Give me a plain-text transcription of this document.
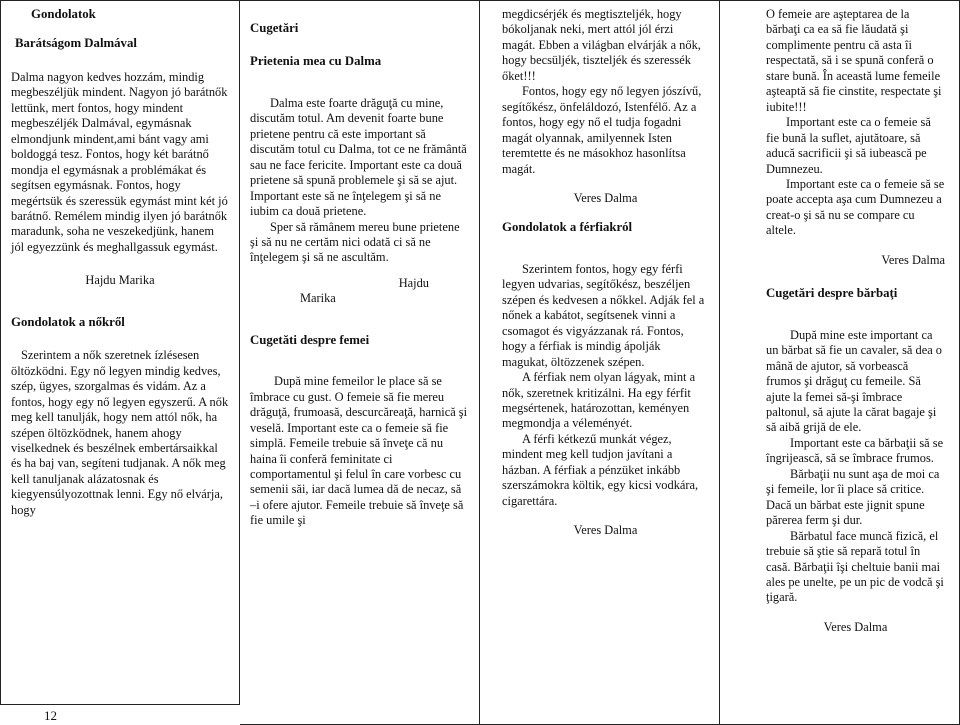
Gondolatok
Barátságom Dalmával

Dalma nagyon kedves hozzám, mindig megbeszéljük mindent. Nagyon jó barátnők lettünk, mert fontos, hogy mindent megbeszéljék Dalmával, egymásnak elmondjunk mindent,ami bánt vagy ami boldoggá tesz. Fontos, hogy két barátnő mondja el egymásnak a problémákat és segítsen egymásnak. Fontos, hogy megértsük és szeressük egymást mint két jó barátnő. Remélem mindig ilyen jó barátnők maradunk, soha ne veszekedjünk, hanem jól egyezzünk és meghallgassuk egymást.

Hajdu Marika
Gondolatok a nőkről

Szerintem a nők szeretnek ízlésesen öltözködni. Egy nő legyen mindig kedves, szép, ügyes, szorgalmas és vidám. Az a fontos, hogy egy nő legyen egyszerű. A nők meg kell tanulják, hogy nem attól nők, ha szépen öltözködnek, hanem ahogy viselkednek és beszélnek embertársaikkal és ha baj van, segíteni tudjanak. A nők meg kell tanuljanak alázatosnak és kiegyensúlyozottnak lenni. Egy nő elvárja, hogy

12
Cugetări
Prietenia mea cu Dalma

Dalma este foarte drăguţă cu mine, discutăm totul. Am devenit foarte bune prietene pentru că este important să discutăm totul cu Dalma, tot ce ne frământă sau ne face fericite. Important este ca două prietene să spună problemele şi să se ajut. Important este să ne înţelegem şi să ne iubim ca două prietene.

Sper să rămânem mereu bune prietene şi să nu ne certăm nici odată ci să ne înţelegem şi să ne ascultăm.

Hajdu
Marika
Cugetăti despre femei

După mine femeilor le place să se îmbrace cu gust. O femeie să fie mereu drăguţă, frumoasă, descurcăreaţă, harnică şi veselă. Important este ca o femeie să fie simplă. Femeile trebuie să înveţe că nu haina îi conferă feminitate ci comportamentul şi felul în care vorbesc cu semenii săi, iar dacă lumea dă de necaz, să –i ofere ajutor. Femeile trebuie să înveţe să fie umile şi

megdicsérjék és megtiszteljék, hogy bókoljanak neki, mert attól jól érzi magát. Ebben a világban elvárják a nők, hogy becsüljék, tiszteljék és szeressék őket!!!

Fontos, hogy egy nő legyen jószívű, segítőkész, önfeláldozó, Istenfélő. Az a fontos, hogy egy nő el tudja fogadni magát olyannak, amilyennek Isten teremtette és ne másokhoz hasonlítsa magát.

Veres Dalma
Gondolatok a férfiakról

Szerintem fontos, hogy egy férfi legyen udvarias, segítőkész, beszéljen szépen és kedvesen a nőkkel. Adják fel a nőnek a kabátot, segítsenek vinni a csomagot és vigyázzanak rá. Fontos, hogy a férfiak is mindig ápolják magukat, öltözzenek szépen.

A férfiak nem olyan lágyak, mint a nők, szeretnek kritizálni. Ha egy férfit megsértenek, határozottan, keményen megmondja a véleményét.

A férfi kétkezű munkát végez, mindent meg kell tudjon javítani a házban. A férfiak a pénzüket inkább szerszámokra költik, egy kicsi vodkára, cigarettára.

Veres Dalma

O femeie are aşteptarea de la bărbaţi ca ea să fie lăudată şi complimente pentru că asta îi respectată, să i se spună conferă o stare bună. În această lume femeile aşteaptă să fie cinstite, respectate şi iubite!!!

Important este ca o femeie să fie bună la suflet, ajutătoare, să aducă sacrificii şi să iubească pe Dumnezeu.

Important este ca o femeie să se poate accepta aşa cum Dumnezeu a creat-o şi să nu se compare cu altele.

Veres Dalma
Cugetări despre bărbaţi

După mine este important ca un bărbat să fie un cavaler, să dea o mână de ajutor, să vorbească frumos şi drăguţ cu femeile. Să ajute la femei să-şi îmbrace paltonul, să ajute la cărat bagaje şi să aibă grijă de ele.

Important este ca bărbaţii să se îngrijească, să se îmbrace frumos.

Bărbaţii nu sunt aşa de moi ca şi femeile, lor îi place să critice. Dacă un bărbat este jignit spune părerea ferm şi dur.

Bărbatul face muncă fizică, el trebuie să ştie să repară totul în casă. Bărbaţii îşi cheltuie banii mai ales pe unelte, pe un pic de vodcă şi ţigară.

Veres Dalma
